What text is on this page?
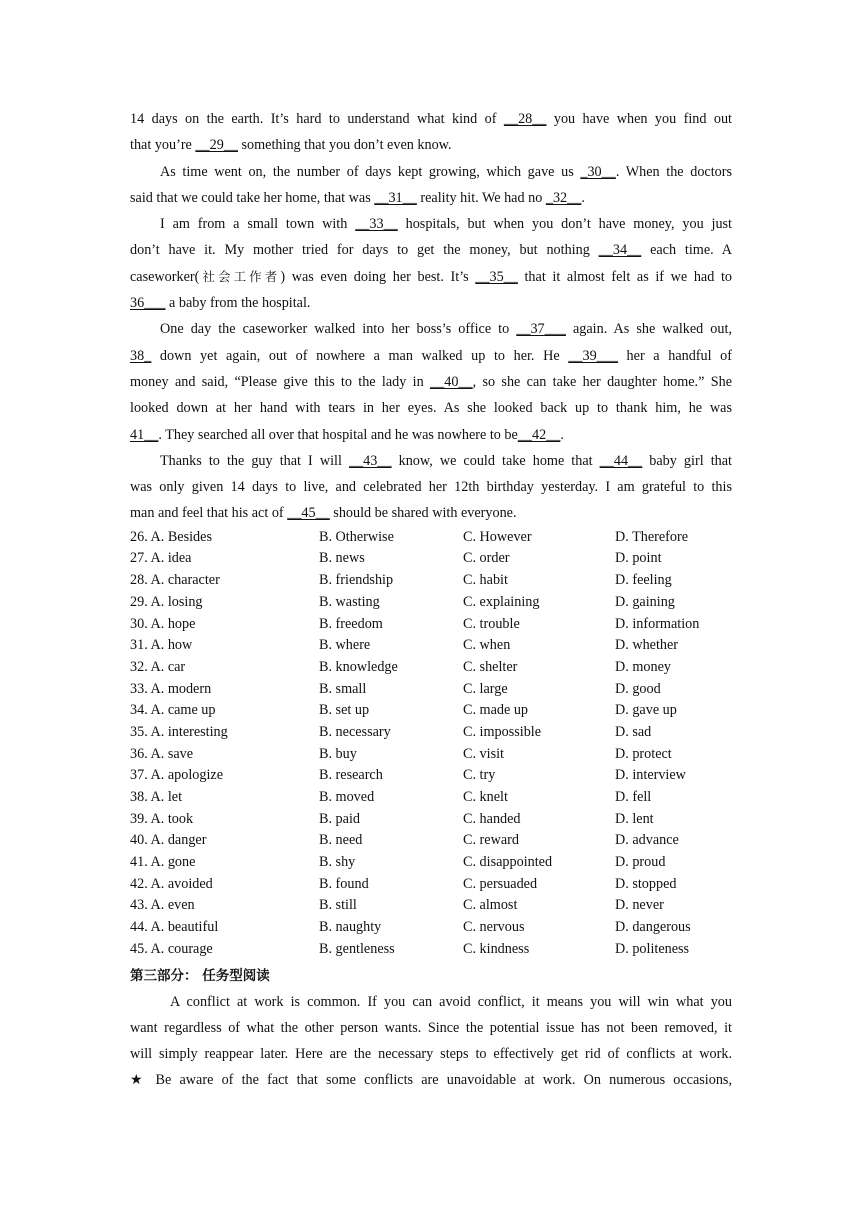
14 days on the earth. It’s hard to understand what kind of __28__ you have when you find out
that you’re __29__ something that you don’t even know.

As time went on, the number of days kept growing, which gave us _30__. When the doctors
said that we could take her home, that was __31__ reality hit. We had no _32__.

I am from a small town with __33__ hospitals, but when you don’t have money, you just
don’t have it. My mother tried for days to get the money, but nothing __34__ each time. A
caseworker(社会工作者) was even doing her best. It’s __35__ that it almost felt as if we had to
36___ a baby from the hospital.

One day the caseworker walked into her boss’s office to __37___ again. As she walked out,
38_ down yet again, out of nowhere a man walked up to her. He __39___ her a handful of
money and said, “Please give this to the lady in __40__, so she can take her daughter home.” She
looked down at her hand with tears in her eyes. As she looked back up to thank him, he was
41__. They searched all over that hospital and he was nowhere to be__42__.

Thanks to the guy that I will __43__ know, we could take home that __44__ baby girl that
was only given 14 days to live, and celebrated her 12th birthday yesterday. I am grateful to this
man and feel that his act of __45__ should be shared with everyone.

26. A. Besides	B. Otherwise	C. However	D. Therefore
27. A. idea	B. news	C. order	D. point
28. A. character	B. friendship	C. habit	D. feeling
29. A. losing	B. wasting	C. explaining	D. gaining
30. A. hope	B. freedom	C. trouble	D. information
31. A. how	B. where	C. when	D. whether
32. A. car	B. knowledge	C. shelter	D. money
33. A. modern	B. small	C. large	D. good
34. A. came up	B. set up	C. made up	D. gave up
35. A. interesting	B. necessary	C. impossible	D. sad
36. A. save	B. buy	C. visit	D. protect
37. A. apologize	B. research	C. try	D. interview
38. A. let	B. moved	C. knelt	D. fell
39. A. took	B. paid	C. handed	D. lent
40. A. danger	B. need	C. reward	D. advance
41. A. gone	B. shy	C. disappointed	D. proud
42. A. avoided	B. found	C. persuaded	D. stopped
43. A. even	B. still	C. almost	D. never
44. A. beautiful	B. naughty	C. nervous	D. dangerous
45. A. courage	B. gentleness	C. kindness	D. politeness
第三部分： 任务型阅读

A conflict at work is common. If you can avoid conflict, it means you will win what you
want regardless of what the other person wants. Since the potential issue has not been removed, it
will simply reappear later. Here are the necessary steps to effectively get rid of conflicts at work.
★ Be aware of the fact that some conflicts are unavoidable at work. On numerous occasions,
